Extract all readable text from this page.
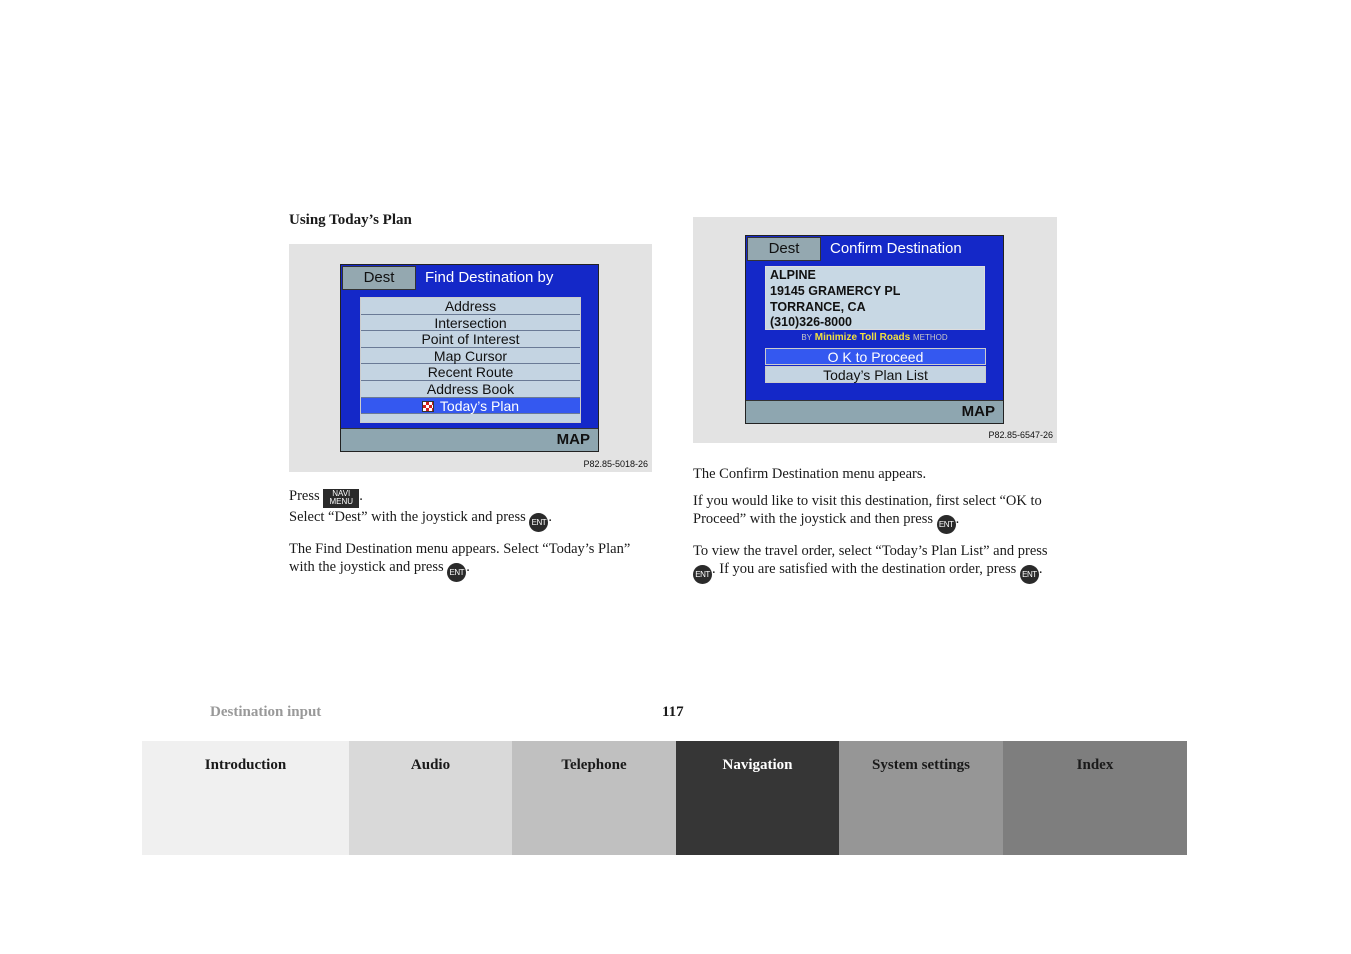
Using Today’s Plan
Dest	Find Destination by
Address
Intersection
Point of Interest
Map Cursor
Recent Route
Address Book
Today’s Plan
MAP
P82.85-5018-26
Dest	Confirm Destination
ALPINE
19145 GRAMERCY PL
TORRANCE, CA
(310)326-8000
BY Minimize Toll Roads METHOD
O K to Proceed
Today’s Plan List
MAP
P82.85-6547-26

Press NAVI
MENU .

Select “Dest” with the joystick and press ENT .

The Find Destination menu appears. Select “Today’s Plan” with the joystick and press ENT .

The Confirm Destination menu appears.

If you would like to visit this destination, first select “OK to Proceed” with the joystick and then press ENT .

To view the travel order, select “Today’s Plan List” and press ENT . If you are satisfied with the destination order, press ENT .

Destination input	117
Introduction	Audio	Telephone	Navigation	System settings	Index
